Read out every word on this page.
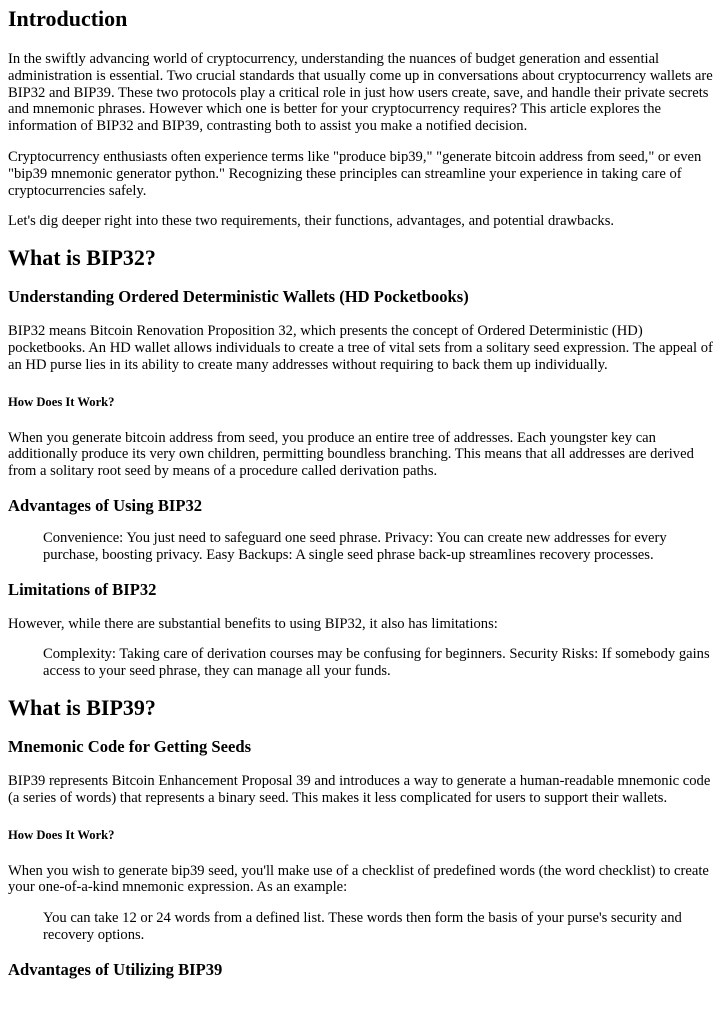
Introduction

In the swiftly advancing world of cryptocurrency, understanding the nuances of budget generation and essential administration is essential. Two crucial standards that usually come up in conversations about cryptocurrency wallets are BIP32 and BIP39. These two protocols play a critical role in just how users create, save, and handle their private secrets and mnemonic phrases. However which one is better for your cryptocurrency requires? This article explores the information of BIP32 and BIP39, contrasting both to assist you make a notified decision.

Cryptocurrency enthusiasts often experience terms like "produce bip39," "generate bitcoin address from seed," or even "bip39 mnemonic generator python." Recognizing these principles can streamline your experience in taking care of cryptocurrencies safely.

Let's dig deeper right into these two requirements, their functions, advantages, and potential drawbacks.

What is BIP32?
Understanding Ordered Deterministic Wallets (HD Pocketbooks)

BIP32 means Bitcoin Renovation Proposition 32, which presents the concept of Ordered Deterministic (HD) pocketbooks. An HD wallet allows individuals to create a tree of vital sets from a solitary seed expression. The appeal of an HD purse lies in its ability to create many addresses without requiring to back them up individually.

How Does It Work?

When you generate bitcoin address from seed, you produce an entire tree of addresses. Each youngster key can additionally produce its very own children, permitting boundless branching. This means that all addresses are derived from a solitary root seed by means of a procedure called derivation paths.

Advantages of Using BIP32
Convenience: You just need to safeguard one seed phrase. Privacy: You can create new addresses for every purchase, boosting privacy. Easy Backups: A single seed phrase back-up streamlines recovery processes.
Limitations of BIP32

However, while there are substantial benefits to using BIP32, it also has limitations:

Complexity: Taking care of derivation courses may be confusing for beginners. Security Risks: If somebody gains access to your seed phrase, they can manage all your funds.
What is BIP39?
Mnemonic Code for Getting Seeds

BIP39 represents Bitcoin Enhancement Proposal 39 and introduces a way to generate a human-readable mnemonic code (a series of words) that represents a binary seed. This makes it less complicated for users to support their wallets.

How Does It Work?

When you wish to generate bip39 seed, you'll make use of a checklist of predefined words (the word checklist) to create your one-of-a-kind mnemonic expression. As an example:

You can take 12 or 24 words from a defined list. These words then form the basis of your purse's security and recovery options.
Advantages of Utilizing BIP39
